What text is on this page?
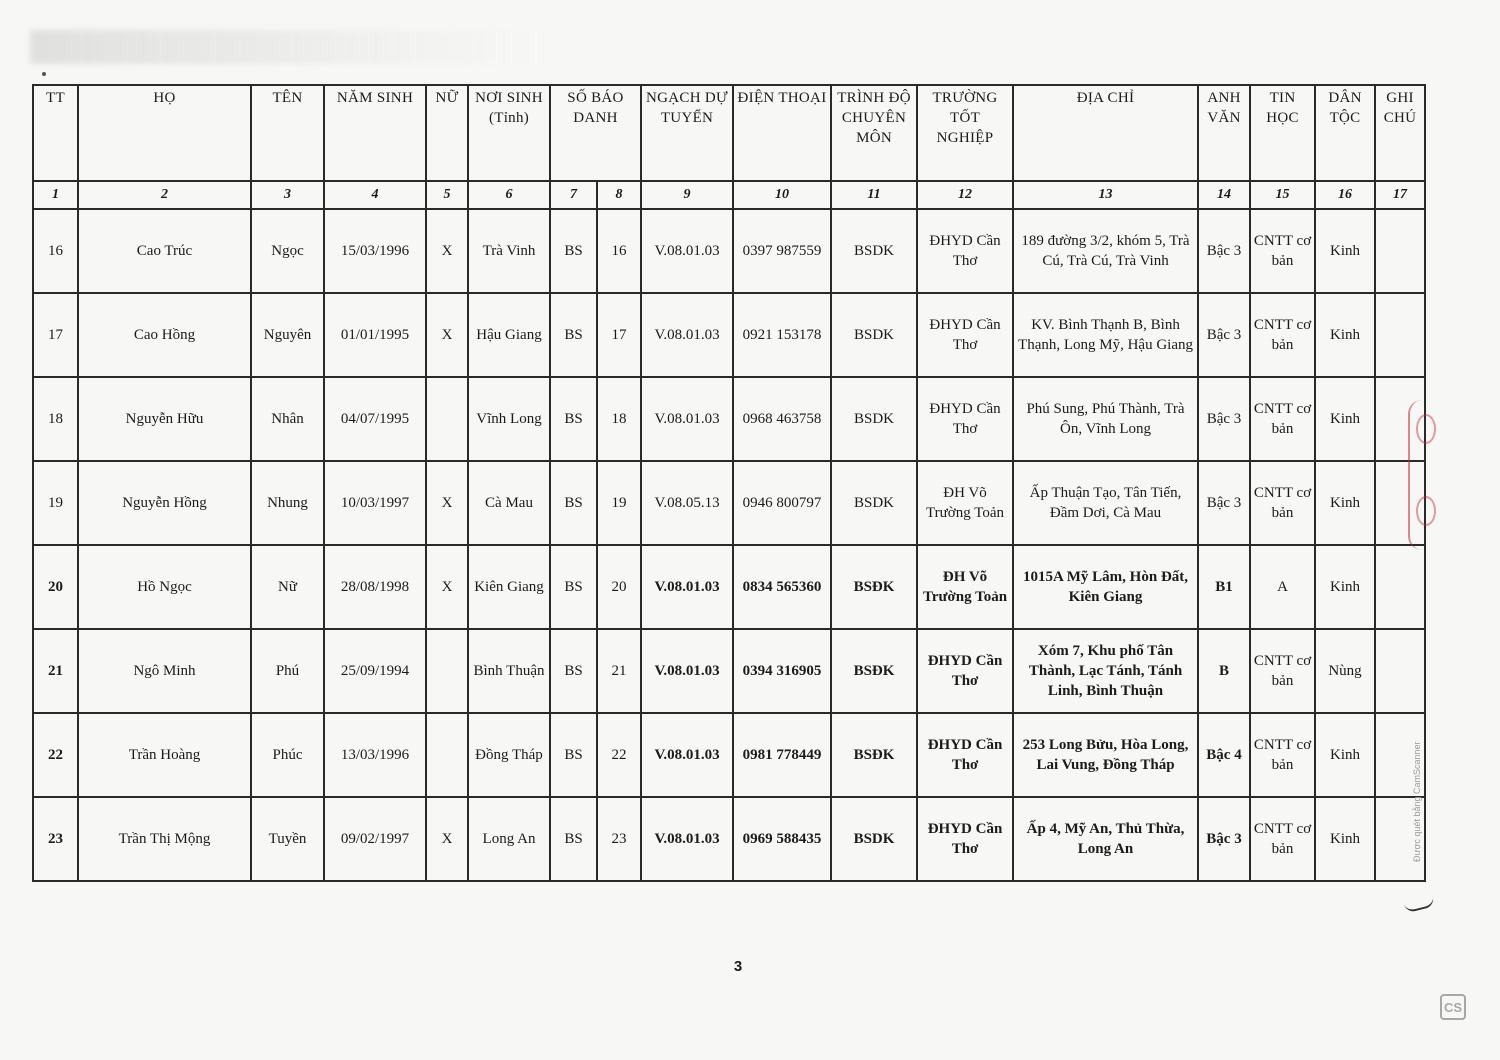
TT	HỌ	TÊN	NĂM SINH	NỮ	NƠI SINH (Tỉnh)	SỐ BÁO DANH		NGẠCH DỰ TUYỂN	ĐIỆN THOẠI	TRÌNH ĐỘ CHUYÊN MÔN	TRƯỜNG TỐT NGHIỆP	ĐỊA CHỈ	ANH VĂN	TIN HỌC	DÂN TỘC	GHI CHÚ
1	2	3	4	5	6	7	8	9	10	11	12	13	14	15	16	17
16	Cao Trúc	Ngọc	15/03/1996	X	Trà Vinh	BS	16	V.08.01.03	0397 987559	BSDK	ĐHYD Cần Thơ	189 đường 3/2, khóm 5, Trà Cú, Trà Cú, Trà Vinh	Bậc 3	CNTT cơ bản	Kinh	
17	Cao Hồng	Nguyên	01/01/1995	X	Hậu Giang	BS	17	V.08.01.03	0921 153178	BSDK	ĐHYD Cần Thơ	KV. Bình Thạnh B, Bình Thạnh, Long Mỹ, Hậu Giang	Bậc 3	CNTT cơ bản	Kinh	
18	Nguyễn Hữu	Nhân	04/07/1995		Vĩnh Long	BS	18	V.08.01.03	0968 463758	BSDK	ĐHYD Cần Thơ	Phú Sung, Phú Thành, Trà Ôn, Vĩnh Long	Bậc 3	CNTT cơ bản	Kinh	
19	Nguyễn Hồng	Nhung	10/03/1997	X	Cà Mau	BS	19	V.08.05.13	0946 800797	BSDK	ĐH Võ Trường Toản	Ấp Thuận Tạo, Tân Tiến, Đầm Dơi, Cà Mau	Bậc 3	CNTT cơ bản	Kinh	
20	Hồ Ngọc	Nữ	28/08/1998	X	Kiên Giang	BS	20	V.08.01.03	0834 565360	BSĐK	ĐH Võ Trường Toản	1015A Mỹ Lâm, Hòn Đất, Kiên Giang	B1	A	Kinh	
21	Ngô Minh	Phú	25/09/1994		Bình Thuận	BS	21	V.08.01.03	0394 316905	BSĐK	ĐHYD Cần Thơ	Xóm 7, Khu phố Tân Thành, Lạc Tánh, Tánh Linh, Bình Thuận	B	CNTT cơ bản	Nùng	
22	Trần Hoàng	Phúc	13/03/1996		Đồng Tháp	BS	22	V.08.01.03	0981 778449	BSĐK	ĐHYD Cần Thơ	253 Long Bửu, Hòa Long, Lai Vung, Đồng Tháp	Bậc 4	CNTT cơ bản	Kinh	
23	Trần Thị Mộng	Tuyền	09/02/1997	X	Long An	BS	23	V.08.01.03	0969 588435	BSDK	ĐHYD Cần Thơ	Ấp 4, Mỹ An, Thủ Thừa, Long An	Bậc 3	CNTT cơ bản	Kinh	
3
Được quét bằng CamScanner
CS
